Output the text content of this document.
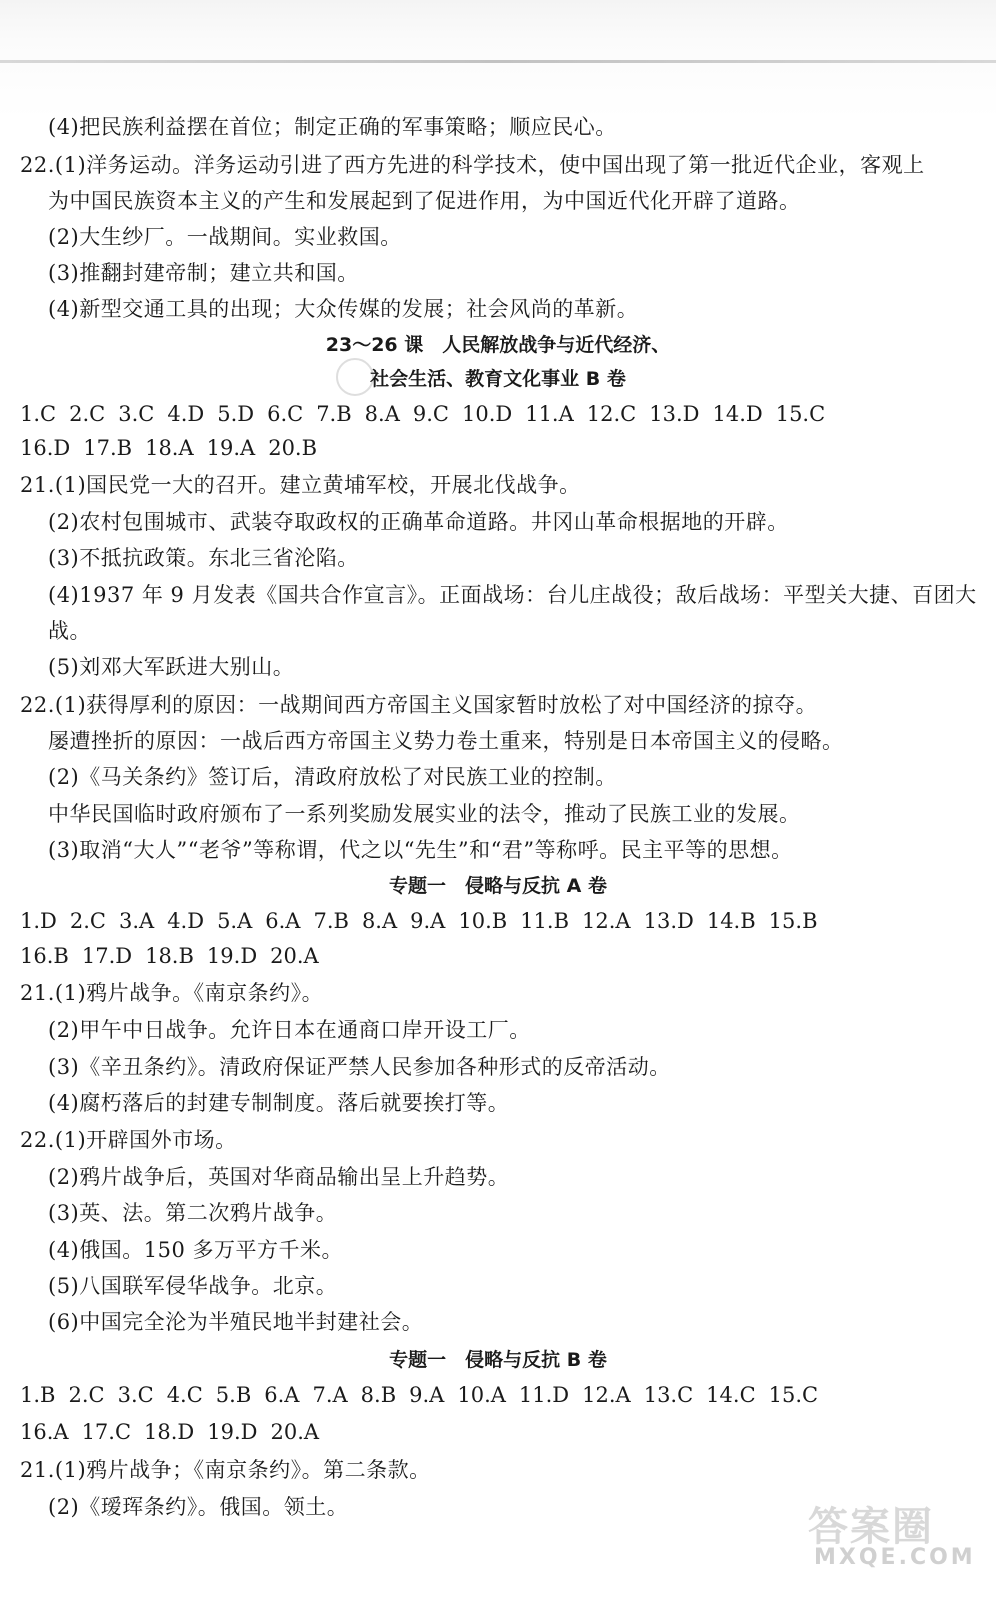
(4)把民族利益摆在首位；制定正确的军事策略；顺应民心。
22.(1)洋务运动。洋务运动引进了西方先进的科学技术，使中国出现了第一批近代企业，客观上
为中国民族资本主义的产生和发展起到了促进作用，为中国近代化开辟了道路。
(2)大生纱厂。一战期间。实业救国。
(3)推翻封建帝制；建立共和国。
(4)新型交通工具的出现；大众传媒的发展；社会风尚的革新。
23～26 课　人民解放战争与近代经济、
社会生活、教育文化事业 B 卷
1.C 2.C 3.C 4.D 5.D 6.C 7.B 8.A 9.C 10.D 11.A 12.C 13.D 14.D 15.C
16.D 17.B 18.A 19.A 20.B
21.(1)国民党一大的召开。建立黄埔军校，开展北伐战争。
(2)农村包围城市、武装夺取政权的正确革命道路。井冈山革命根据地的开辟。
(3)不抵抗政策。东北三省沦陷。
(4)1937 年 9 月发表《国共合作宣言》。正面战场：台儿庄战役；敌后战场：平型关大捷、百团大
战。
(5)刘邓大军跃进大别山。
22.(1)获得厚利的原因：一战期间西方帝国主义国家暂时放松了对中国经济的掠夺。
屡遭挫折的原因：一战后西方帝国主义势力卷土重来，特别是日本帝国主义的侵略。
(2)《马关条约》签订后，清政府放松了对民族工业的控制。
中华民国临时政府颁布了一系列奖励发展实业的法令，推动了民族工业的发展。
(3)取消“大人”“老爷”等称谓，代之以“先生”和“君”等称呼。民主平等的思想。
专题一　侵略与反抗 A 卷
1.D 2.C 3.A 4.D 5.A 6.A 7.B 8.A 9.A 10.B 11.B 12.A 13.D 14.B 15.B
16.B 17.D 18.B 19.D 20.A
21.(1)鸦片战争。《南京条约》。
(2)甲午中日战争。允许日本在通商口岸开设工厂。
(3)《辛丑条约》。清政府保证严禁人民参加各种形式的反帝活动。
(4)腐朽落后的封建专制制度。落后就要挨打等。
22.(1)开辟国外市场。
(2)鸦片战争后，英国对华商品输出呈上升趋势。
(3)英、法。第二次鸦片战争。
(4)俄国。150 多万平方千米。
(5)八国联军侵华战争。北京。
(6)中国完全沦为半殖民地半封建社会。
专题一　侵略与反抗 B 卷
1.B 2.C 3.C 4.C 5.B 6.A 7.A 8.B 9.A 10.A 11.D 12.A 13.C 14.C 15.C
16.A 17.C 18.D 19.D 20.A
21.(1)鸦片战争；《南京条约》。第二条款。
(2)《瑷珲条约》。俄国。领土。	答案圈
MXQE.COM
